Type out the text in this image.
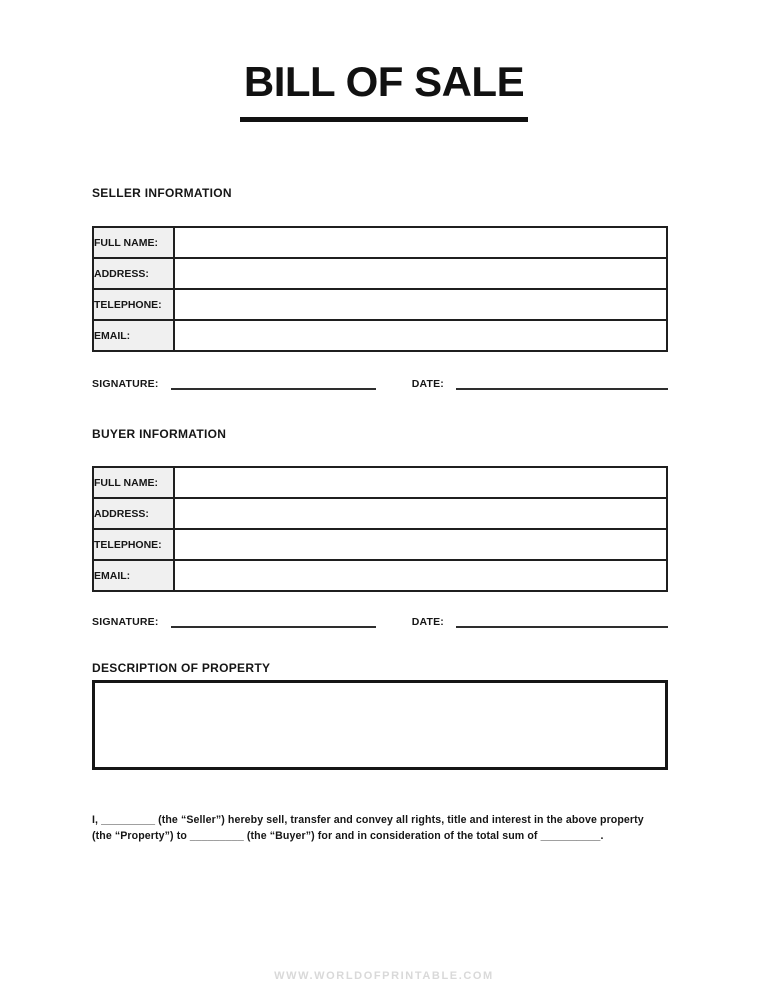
BILL OF SALE
SELLER INFORMATION
FULL NAME:	
ADDRESS:	
TELEPHONE:	
EMAIL:	
SIGNATURE:	DATE:
BUYER INFORMATION
FULL NAME:	
ADDRESS:	
TELEPHONE:	
EMAIL:	
SIGNATURE:	DATE:
DESCRIPTION OF PROPERTY
I, _________ (the “Seller”) hereby sell, transfer and convey all rights, title and interest in the above property
(the “Property”) to _________ (the “Buyer”) for and in consideration of the total sum of __________.
WWW.WORLDOFPRINTABLE.COM
